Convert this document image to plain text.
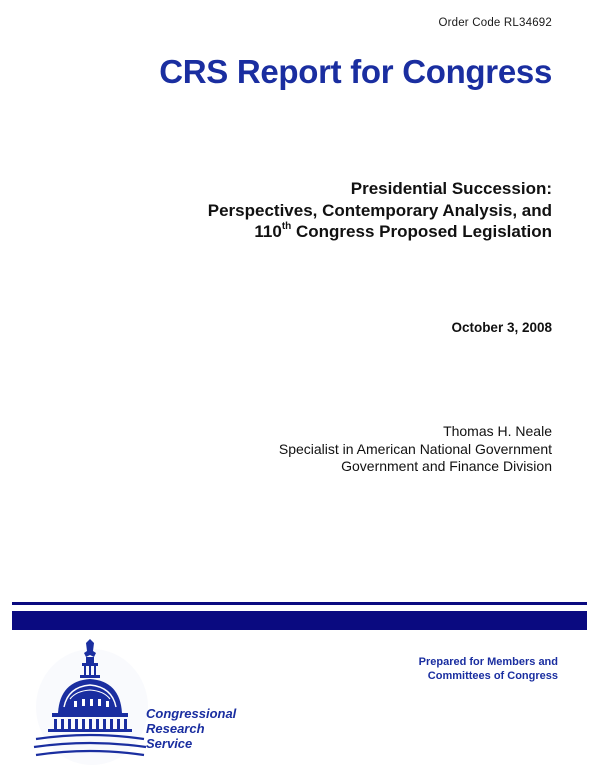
Order Code RL34692
CRS Report for Congress
Presidential Succession:
Perspectives, Contemporary Analysis, and
110th Congress Proposed Legislation
October 3, 2008
Thomas H. Neale
Specialist in American National Government
Government and Finance Division
Prepared for Members and
Committees of Congress
Congressional
Research
Service
